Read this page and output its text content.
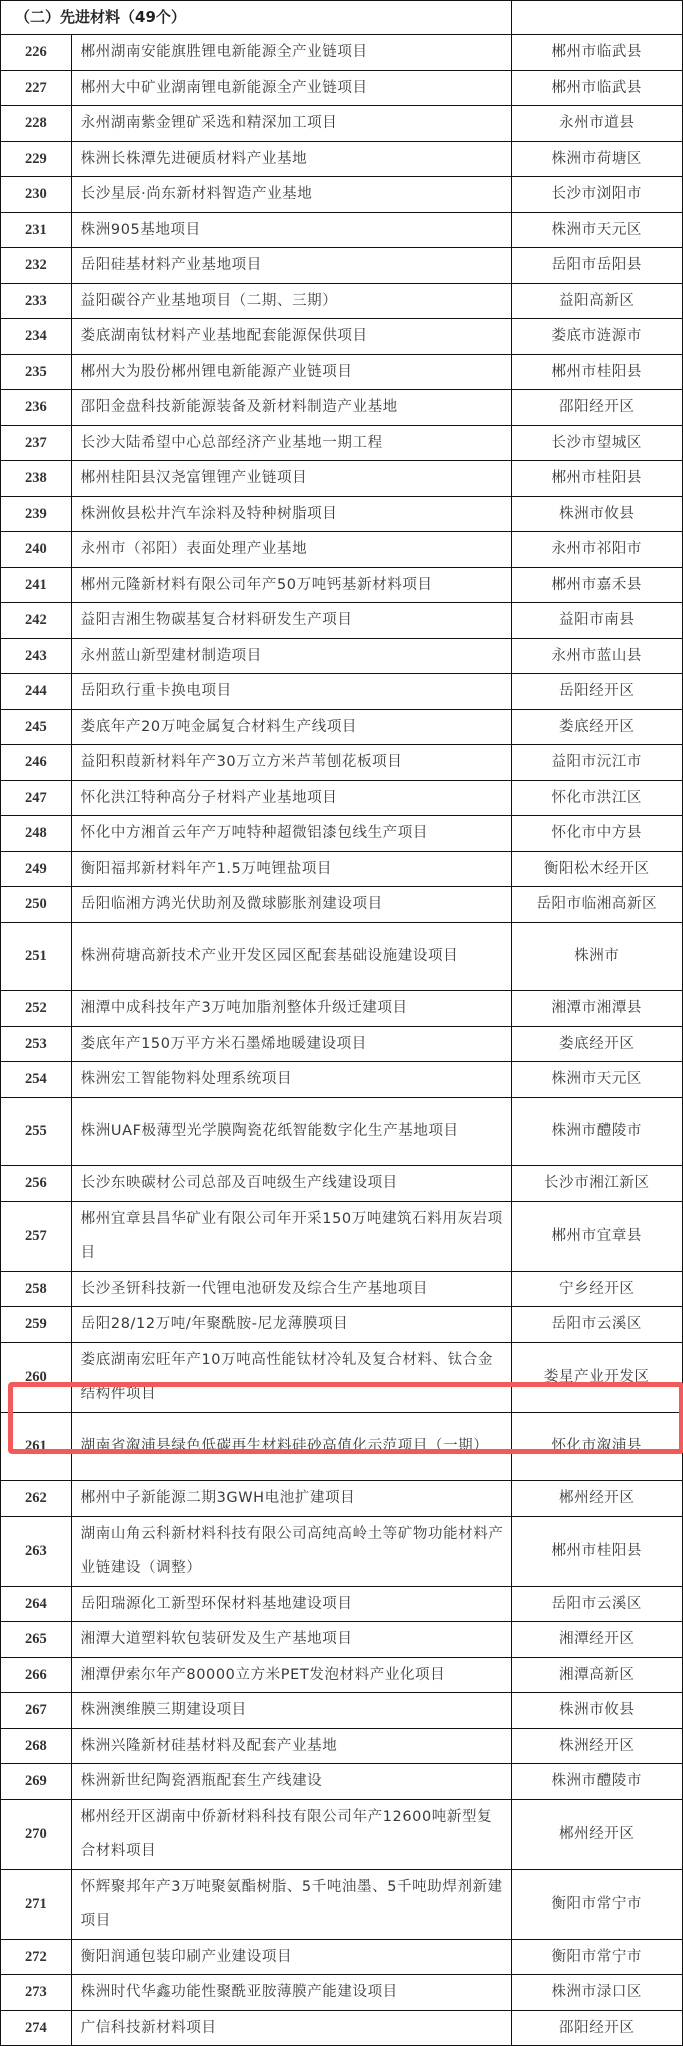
（二）先进材料（49个）		
226	郴州湖南安能旗胜锂电新能源全产业链项目	郴州市临武县
227	郴州大中矿业湖南锂电新能源全产业链项目	郴州市临武县
228	永州湖南紫金锂矿采选和精深加工项目	永州市道县
229	株洲长株潭先进硬质材料产业基地	株洲市荷塘区
230	长沙星辰·尚东新材料智造产业基地	长沙市浏阳市
231	株洲905基地项目	株洲市天元区
232	岳阳硅基材料产业基地项目	岳阳市岳阳县
233	益阳碳谷产业基地项目（二期、三期）	益阳高新区
234	娄底湖南钛材料产业基地配套能源保供项目	娄底市涟源市
235	郴州大为股份郴州锂电新能源产业链项目	郴州市桂阳县
236	邵阳金盘科技新能源装备及新材料制造产业基地	邵阳经开区
237	长沙大陆希望中心总部经济产业基地一期工程	长沙市望城区
238	郴州桂阳县汉尧富锂锂产业链项目	郴州市桂阳县
239	株洲攸县松井汽车涂料及特种树脂项目	株洲市攸县
240	永州市（祁阳）表面处理产业基地	永州市祁阳市
241	郴州元隆新材料有限公司年产50万吨钙基新材料项目	郴州市嘉禾县
242	益阳吉湘生物碳基复合材料研发生产项目	益阳市南县
243	永州蓝山新型建材制造项目	永州市蓝山县
244	岳阳玖行重卡换电项目	岳阳经开区
245	娄底年产20万吨金属复合材料生产线项目	娄底经开区
246	益阳积葭新材料年产30万立方米芦苇刨花板项目	益阳市沅江市
247	怀化洪江特种高分子材料产业基地项目	怀化市洪江区
248	怀化中方湘首云年产万吨特种超微铝漆包线生产项目	怀化市中方县
249	衡阳福邦新材料年产1.5万吨锂盐项目	衡阳松木经开区
250	岳阳临湘方鸿光伏助剂及微球膨胀剂建设项目	岳阳市临湘高新区
251	株洲荷塘高新技术产业开发区园区配套基础设施建设项目	株洲市
252	湘潭中成科技年产3万吨加脂剂整体升级迁建项目	湘潭市湘潭县
253	娄底年产150万平方米石墨烯地暖建设项目	娄底经开区
254	株洲宏工智能物料处理系统项目	株洲市天元区
255	株洲UAF极薄型光学膜陶瓷花纸智能数字化生产基地项目	株洲市醴陵市
256	长沙东映碳材公司总部及百吨级生产线建设项目	长沙市湘江新区
257	郴州宜章县昌华矿业有限公司年开采150万吨建筑石料用灰岩项目	郴州市宜章县
258	长沙圣钘科技新一代锂电池研发及综合生产基地项目	宁乡经开区
259	岳阳28/12万吨/年聚酰胺-尼龙薄膜项目	岳阳市云溪区
260	娄底湖南宏旺年产10万吨高性能钛材冷轧及复合材料、钛合金结构件项目	娄星产业开发区
261	湖南省溆浦县绿色低碳再生材料硅砂高值化示范项目（一期）	怀化市溆浦县
262	郴州中子新能源二期3GWH电池扩建项目	郴州经开区
263	湖南山角云科新材料科技有限公司高纯高岭土等矿物功能材料产业链建设（调整）	郴州市桂阳县
264	岳阳瑞源化工新型环保材料基地建设项目	岳阳市云溪区
265	湘潭大道塑料软包装研发及生产基地项目	湘潭经开区
266	湘潭伊索尔年产80000立方米PET发泡材料产业化项目	湘潭高新区
267	株洲澳维膜三期建设项目	株洲市攸县
268	株洲兴隆新材硅基材料及配套产业基地	株洲经开区
269	株洲新世纪陶瓷酒瓶配套生产线建设	株洲市醴陵市
270	郴州经开区湖南中侨新材料科技有限公司年产12600吨新型复合材料项目	郴州经开区
271	怀辉聚邦年产3万吨聚氨酯树脂、5千吨油墨、5千吨助焊剂新建项目	衡阳市常宁市
272	衡阳润通包装印刷产业建设项目	衡阳市常宁市
273	株洲时代华鑫功能性聚酰亚胺薄膜产能建设项目	株洲市渌口区
274	广信科技新材料项目	邵阳经开区
